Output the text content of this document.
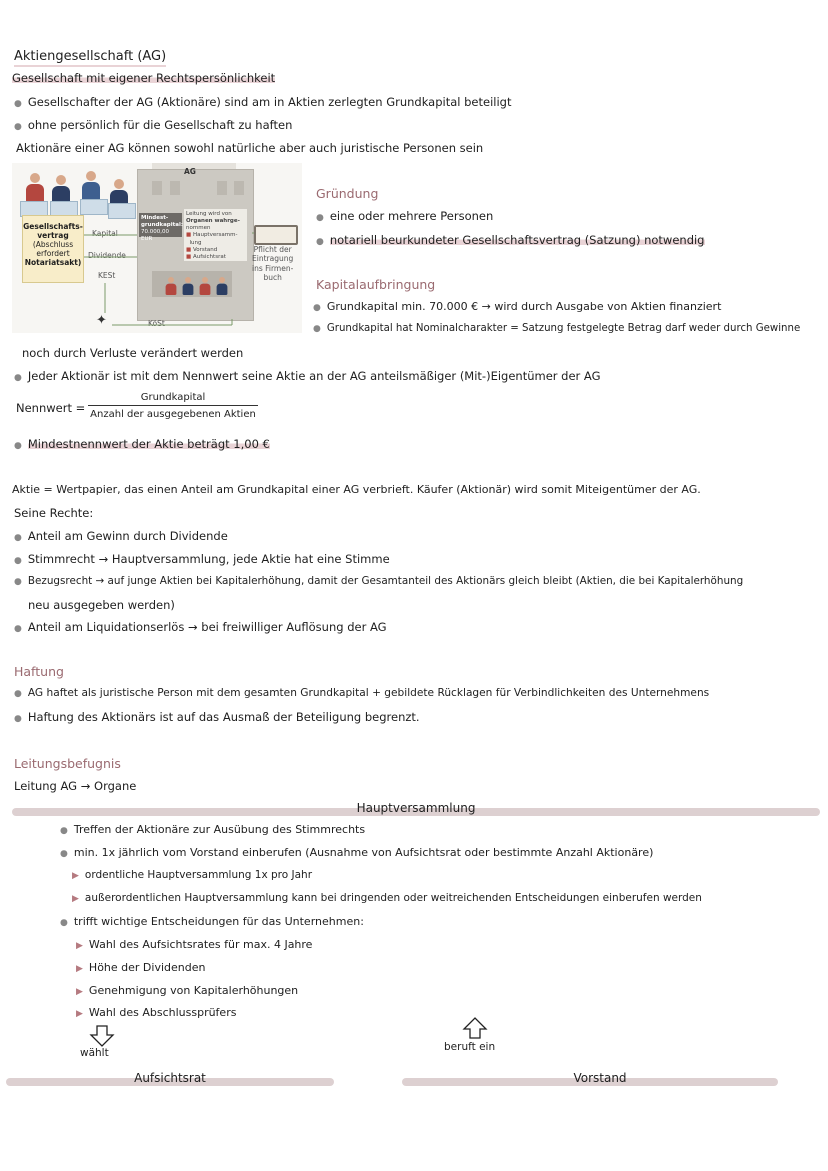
Aktiengesellschaft (AG)
Gesellschaft mit eigener Rechtspersönlichkeit
● Gesellschafter der AG (Aktionäre) sind am in Aktien zerlegten Grundkapital beteiligt
● ohne persönlich für die Gesellschaft zu haften
Aktionäre einer AG können sowohl natürliche aber auch juristische Personen sein
Gesellschafts-
vertrag
(Abschluss
erfordert
Notariatsakt)
AG
Mindest-
grundkapital:
70.000,00 EUR
Leitung wird von
Organen wahrge-
nommen
■ Hauptversamm-
lung
■ Vorstand
■ Aufsichtsrat
Pflicht der
Eintragung
ins Firmen-
buch
Kapital
Dividende
KESt
KöSt
✦
Gründung
● eine oder mehrere Personen
● notariell beurkundeter Gesellschaftsvertrag (Satzung) notwendig
Kapitalaufbringung
● Grundkapital min. 70.000 € → wird durch Ausgabe von Aktien finanziert
● Grundkapital hat Nominalcharakter = Satzung festgelegte Betrag darf weder durch Gewinne
noch durch Verluste verändert werden
● Jeder Aktionär ist mit dem Nennwert seine Aktie an der AG anteilsmäßiger (Mit-)Eigentümer der AG
Nennwert =
Grundkapital
Anzahl der ausgegebenen Aktien
● Mindestnennwert der Aktie beträgt 1,00 €
Aktie = Wertpapier, das einen Anteil am Grundkapital einer AG verbrieft. Käufer (Aktionär) wird somit Miteigentümer der AG.
Seine Rechte:
● Anteil am Gewinn durch Dividende
● Stimmrecht → Hauptversammlung, jede Aktie hat eine Stimme
● Bezugsrecht → auf junge Aktien bei Kapitalerhöhung, damit der Gesamtanteil des Aktionärs gleich bleibt (Aktien, die bei Kapitalerhöhung
neu ausgegeben werden)
● Anteil am Liquidationserlös → bei freiwilliger Auflösung der AG
Haftung
● AG haftet als juristische Person mit dem gesamten Grundkapital + gebildete Rücklagen für Verbindlichkeiten des Unternehmens
● Haftung des Aktionärs ist auf das Ausmaß der Beteiligung begrenzt.
Leitungsbefugnis
Leitung AG → Organe
Hauptversammlung
● Treffen der Aktionäre zur Ausübung des Stimmrechts
● min. 1x jährlich vom Vorstand einberufen (Ausnahme von Aufsichtsrat oder bestimmte Anzahl Aktionäre)
▶ ordentliche Hauptversammlung 1x pro Jahr
▶ außerordentlichen Hauptversammlung kann bei dringenden oder weitreichenden Entscheidungen einberufen werden
● trifft wichtige Entscheidungen für das Unternehmen:
▶ Wahl des Aufsichtsrates für max. 4 Jahre
▶ Höhe der Dividenden
▶ Genehmigung von Kapitalerhöhungen
▶ Wahl des Abschlussprüfers
wählt	beruft ein
Aufsichtsrat	Vorstand
